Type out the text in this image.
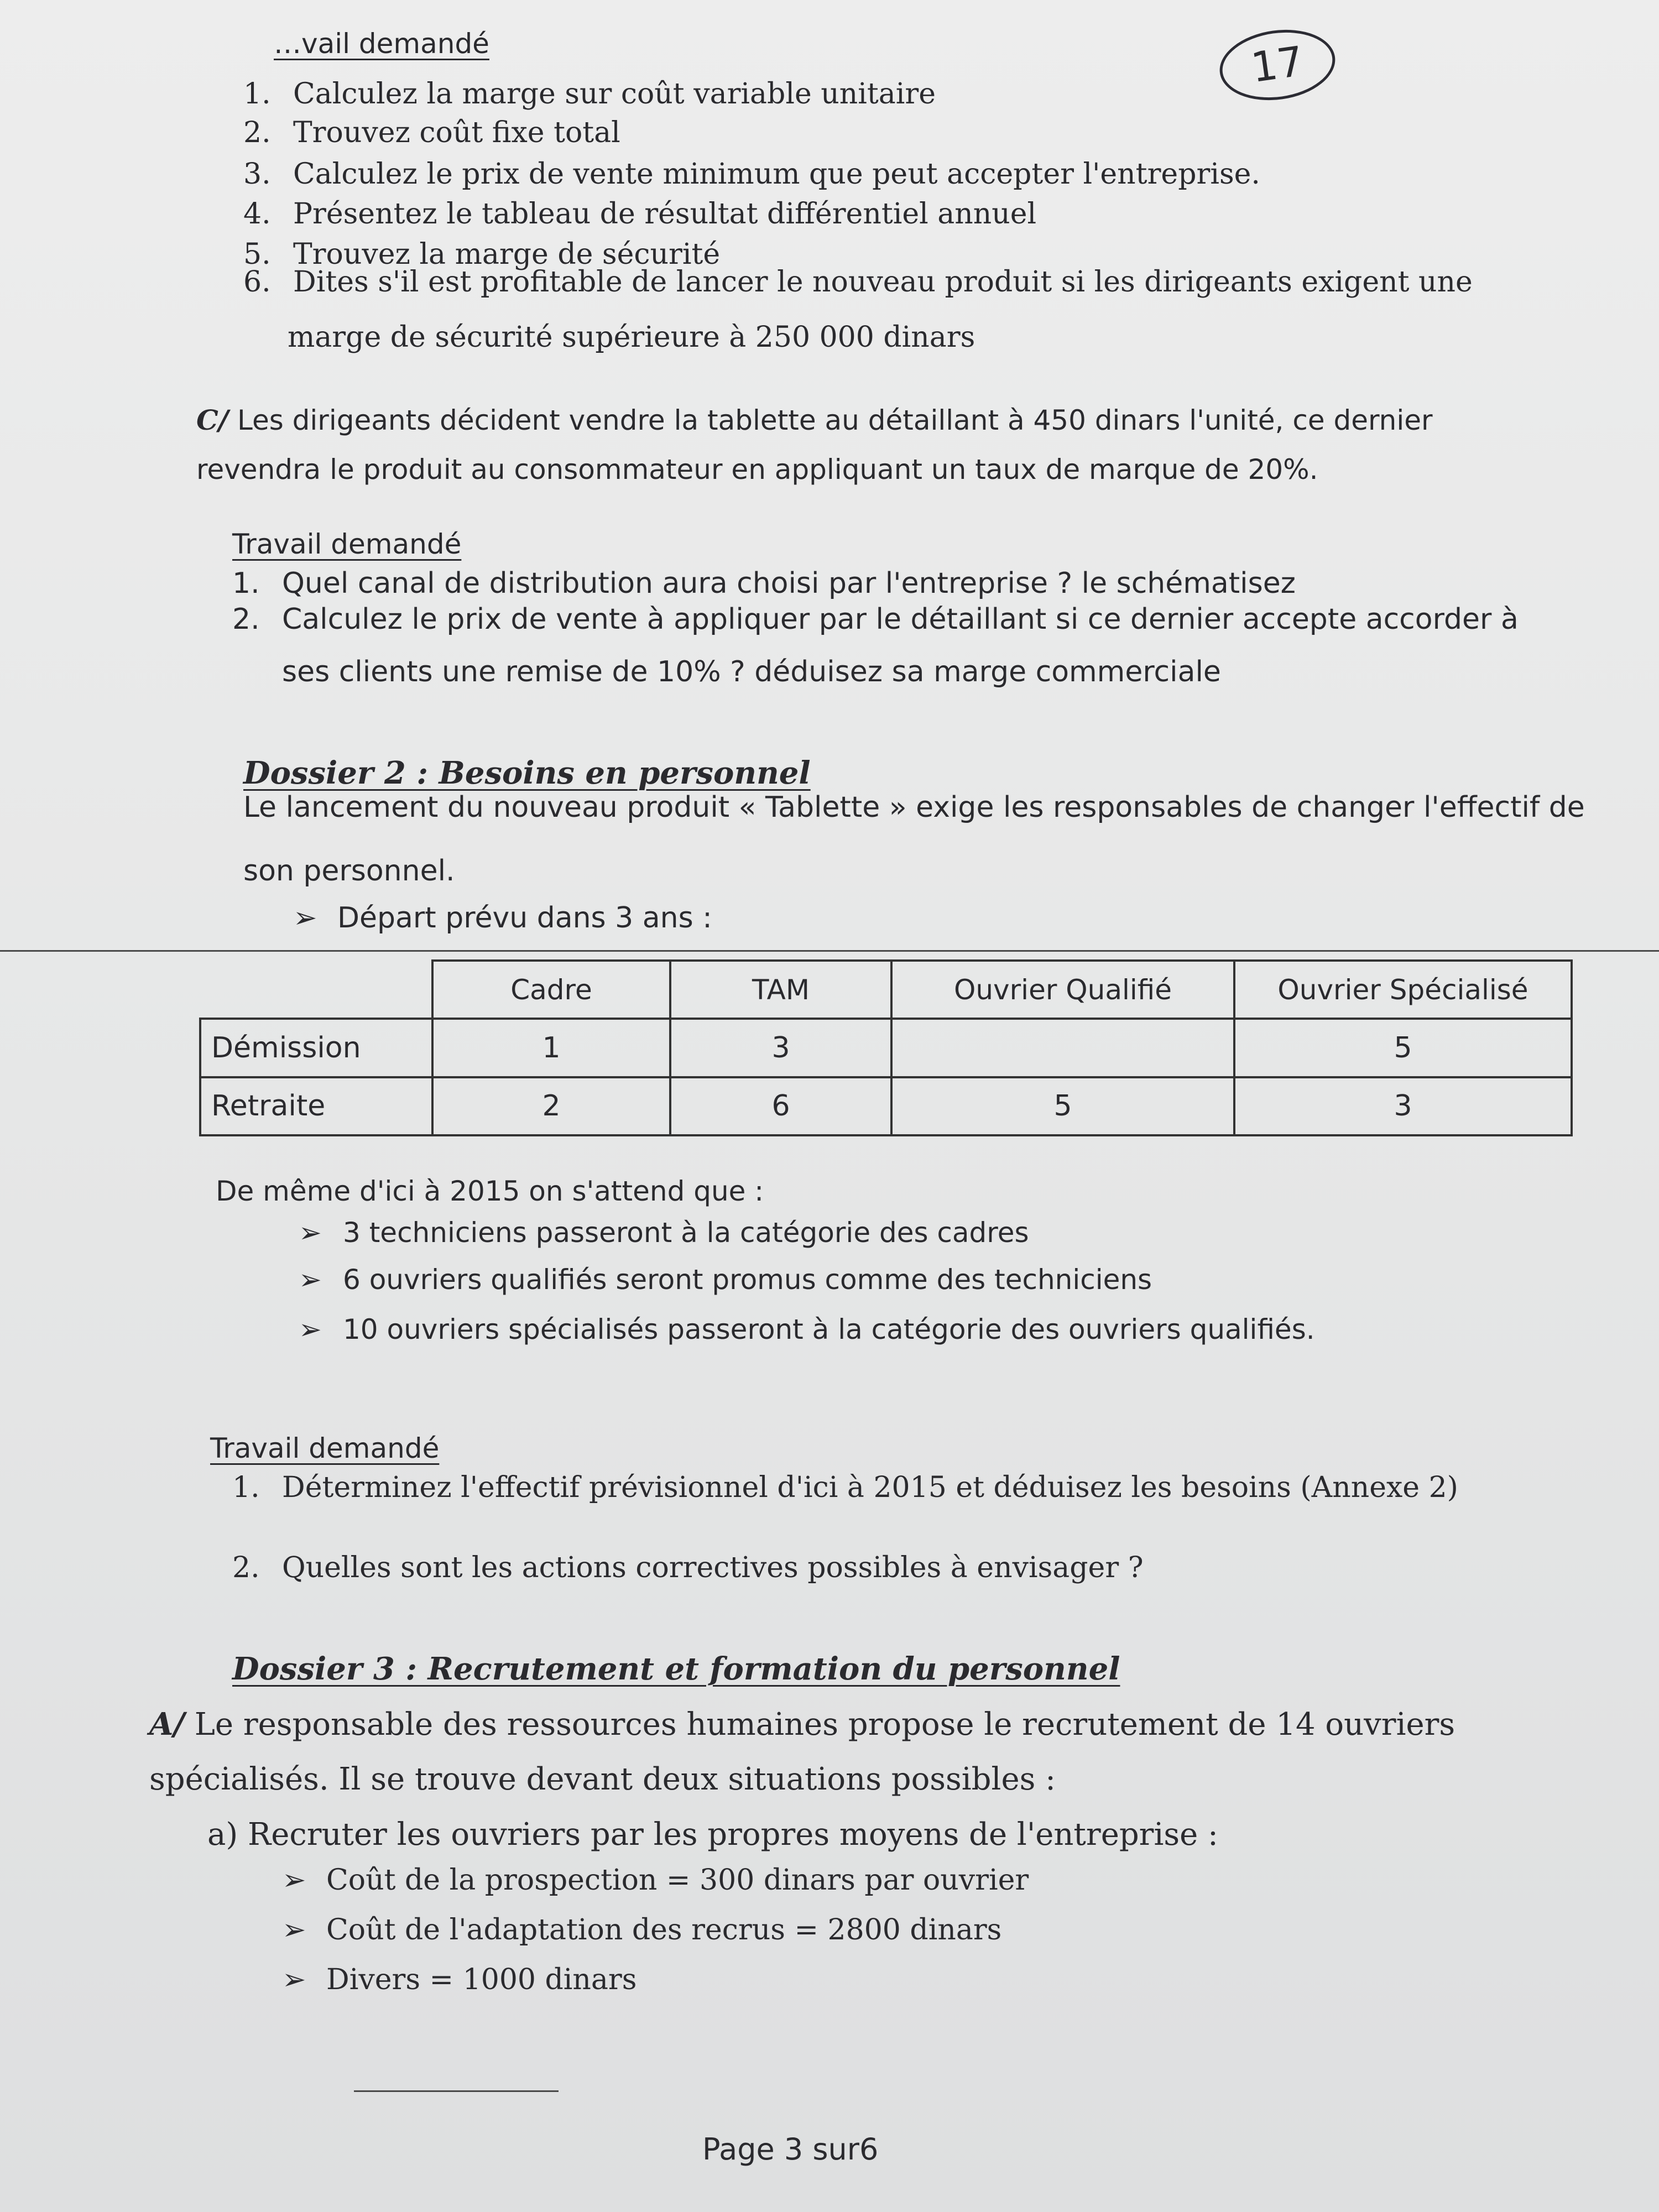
17
…vail demandé
1. Calculez la marge sur coût variable unitaire
2. Trouvez coût fixe total
3. Calculez le prix de vente minimum que peut accepter l'entreprise.
4. Présentez le tableau de résultat différentiel annuel
5. Trouvez la marge de sécurité
6. Dites s'il est profitable de lancer le nouveau produit si les dirigeants exigent une
marge de sécurité supérieure à 250 000 dinars
C/ Les dirigeants décident vendre la tablette au détaillant à 450 dinars l'unité, ce dernier
revendra le produit au consommateur en appliquant un taux de marque de 20%.
Travail demandé
1. Quel canal de distribution aura choisi par l'entreprise ? le schématisez
2. Calculez le prix de vente à appliquer par le détaillant si ce dernier accepte accorder à
ses clients une remise de 10% ? déduisez sa marge commerciale
Dossier 2 : Besoins en personnel
Le lancement du nouveau produit « Tablette » exige les responsables de changer l'effectif de
son personnel.
➢ Départ prévu dans 3 ans :
	Cadre	TAM	Ouvrier Qualifié	Ouvrier Spécialisé
Démission	1	3		5
Retraite	2	6	5	3
De même d'ici à 2015 on s'attend que :
➢ 3 techniciens passeront à la catégorie des cadres
➢ 6 ouvriers qualifiés seront promus comme des techniciens
➢ 10 ouvriers spécialisés passeront à la catégorie des ouvriers qualifiés.
Travail demandé
1. Déterminez l'effectif prévisionnel d'ici à 2015 et déduisez les besoins (Annexe 2)
2. Quelles sont les actions correctives possibles à envisager ?
Dossier 3 : Recrutement et formation du personnel
A/ Le responsable des ressources humaines propose le recrutement de 14 ouvriers
spécialisés. Il se trouve devant deux situations possibles :
a) Recruter les ouvriers par les propres moyens de l'entreprise :
➢ Coût de la prospection = 300 dinars par ouvrier
➢ Coût de l'adaptation des recrus = 2800 dinars
➢ Divers = 1000 dinars
Page 3 sur6
